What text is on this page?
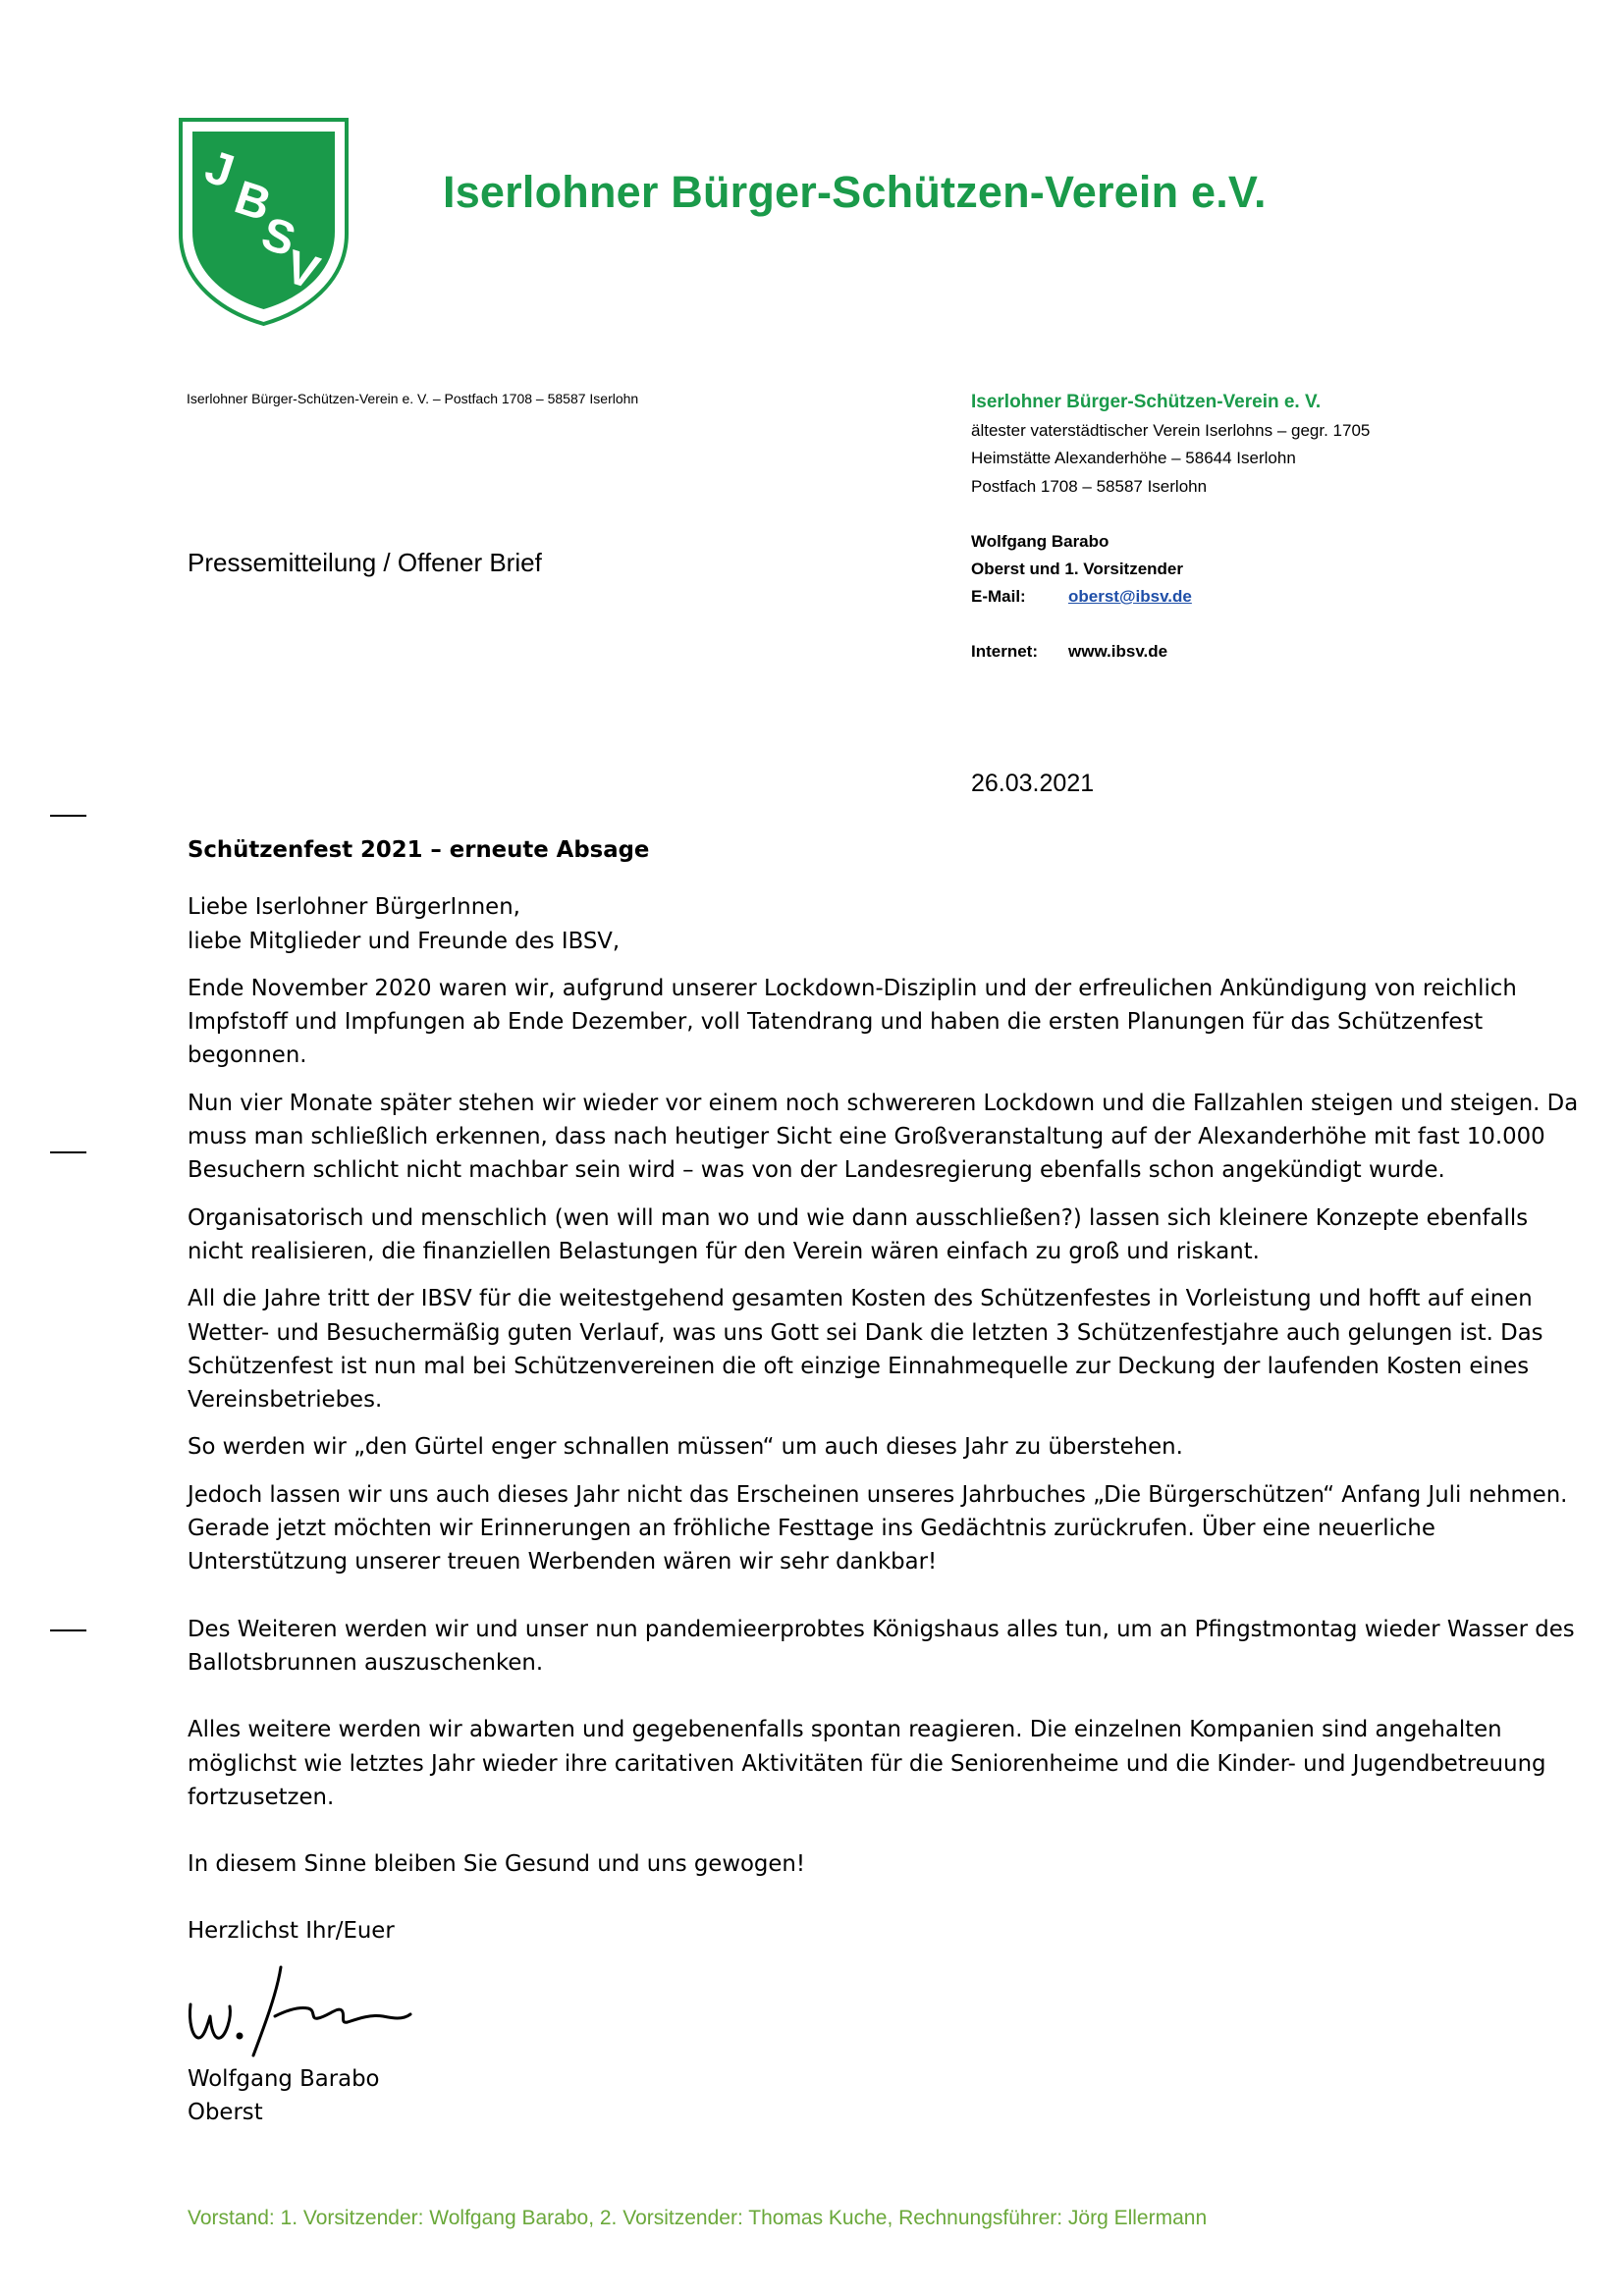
J
B
S
V
Iserlohner Bürger-Schützen-Verein e.V.
Iserlohner Bürger-Schützen-Verein e. V. – Postfach 1708 – 58587 Iserlohn	Iserlohner Bürger-Schützen-Verein e. V.
ältester vaterstädtischer Verein Iserlohns – gegr. 1705
Heimstätte Alexanderhöhe – 58644 Iserlohn
Postfach 1708 – 58587 Iserlohn
Wolfgang Barabo
Oberst und 1. Vorsitzender
E-Mail:	oberst@ibsv.de
Internet:	www.ibsv.de
Pressemitteilung / Offener Brief
26.03.2021

Schützenfest 2021 – erneute Absage

Liebe Iserlohner BürgerInnen,

liebe Mitglieder und Freunde des IBSV,

Ende November 2020 waren wir, aufgrund unserer Lockdown-Disziplin und der erfreulichen Ankündigung von reichlich Impfstoff und Impfungen ab Ende Dezember, voll Tatendrang und haben die ersten Planungen für das Schützenfest begonnen.

Nun vier Monate später stehen wir wieder vor einem noch schwereren Lockdown und die Fallzahlen steigen und steigen. Da muss man schließlich erkennen, dass nach heutiger Sicht eine Großveranstaltung auf der Alexanderhöhe mit fast 10.000 Besuchern schlicht nicht machbar sein wird – was von der Landesregierung ebenfalls schon angekündigt wurde.

Organisatorisch und menschlich (wen will man wo und wie dann ausschließen?) lassen sich kleinere Konzepte ebenfalls nicht realisieren, die finanziellen Belastungen für den Verein wären einfach zu groß und riskant.

All die Jahre tritt der IBSV für die weitestgehend gesamten Kosten des Schützenfestes in Vorleistung und hofft auf einen Wetter- und Besuchermäßig guten Verlauf, was uns Gott sei Dank die letzten 3 Schützenfestjahre auch gelungen ist. Das Schützenfest ist nun mal bei Schützenvereinen die oft einzige Einnahmequelle zur Deckung der laufenden Kosten eines Vereinsbetriebes.

So werden wir „den Gürtel enger schnallen müssen“ um auch dieses Jahr zu überstehen.

Jedoch lassen wir uns auch dieses Jahr nicht das Erscheinen unseres Jahrbuches „Die Bürgerschützen“ Anfang Juli nehmen. Gerade jetzt möchten wir Erinnerungen an fröhliche Festtage ins Gedächtnis zurückrufen. Über eine neuerliche Unterstützung unserer treuen Werbenden wären wir sehr dankbar!

Des Weiteren werden wir und unser nun pandemieerprobtes Königshaus alles tun, um an Pfingstmontag wieder Wasser des Ballotsbrunnen auszuschenken.

Alles weitere werden wir abwarten und gegebenenfalls spontan reagieren. Die einzelnen Kompanien sind angehalten möglichst wie letztes Jahr wieder ihre caritativen Aktivitäten für die Seniorenheime und die Kinder- und Jugendbetreuung fortzusetzen.

In diesem Sinne bleiben Sie Gesund und uns gewogen!

Herzlichst Ihr/Euer

Wolfgang Barabo

Oberst

Vorstand: 1. Vorsitzender: Wolfgang Barabo, 2. Vorsitzender: Thomas Kuche, Rechnungsführer: Jörg Ellermann
